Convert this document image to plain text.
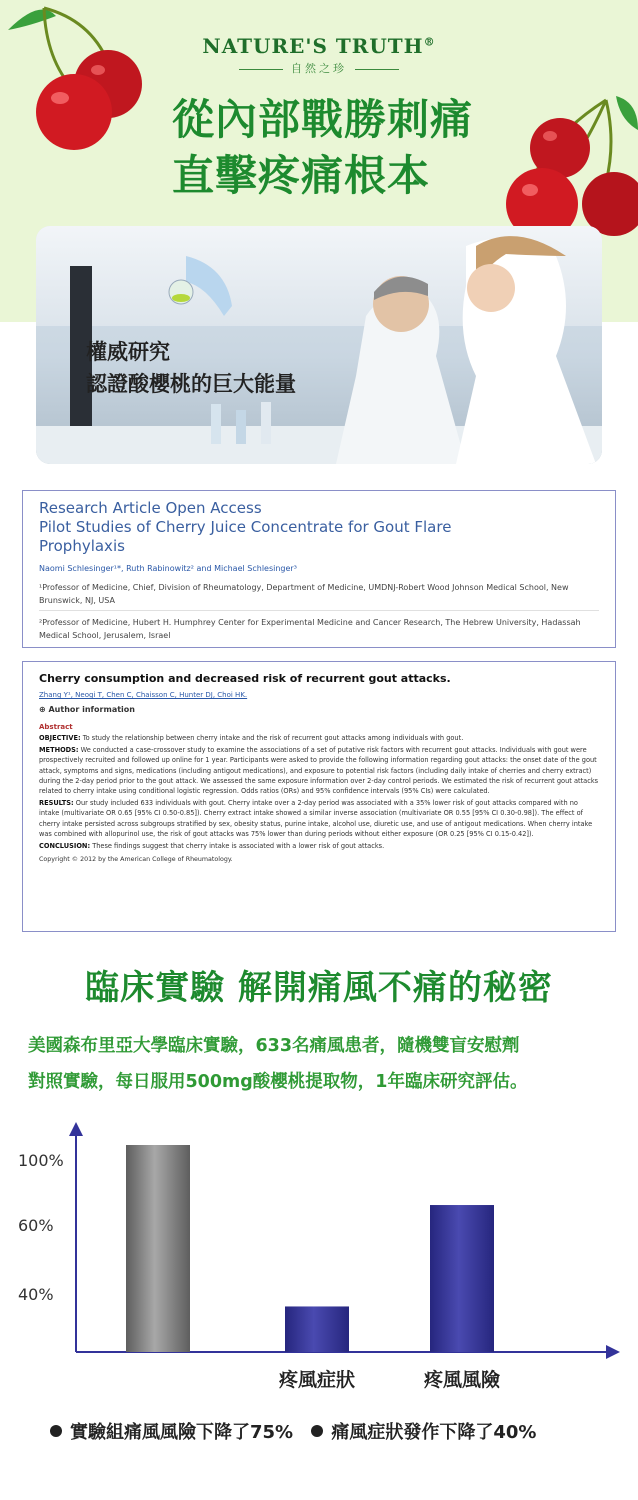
NATURE'S TRUTH®
自然之珍
從內部戰勝刺痛
直擊疼痛根本
權威研究
認證酸櫻桃的巨大能量
Research Article Open Access
Pilot Studies of Cherry Juice Concentrate for Gout Flare
Prophylaxis
Naomi Schlesinger¹*, Ruth Rabinowitz² and Michael Schlesinger³
¹Professor of Medicine, Chief, Division of Rheumatology, Department of Medicine, UMDNJ-Robert Wood Johnson Medical School, New Brunswick, NJ, USA
²Professor of Medicine, Hubert H. Humphrey Center for Experimental Medicine and Cancer Research, The Hebrew University, Hadassah Medical School, Jerusalem, Israel
Cherry consumption and decreased risk of recurrent gout attacks.
Zhang Y¹, Neogi T, Chen C, Chaisson C, Hunter DJ, Choi HK.
⊕ Author information
Abstract
OBJECTIVE: To study the relationship between cherry intake and the risk of recurrent gout attacks among individuals with gout.
METHODS: We conducted a case-crossover study to examine the associations of a set of putative risk factors with recurrent gout attacks. Individuals with gout were prospectively recruited and followed up online for 1 year. Participants were asked to provide the following information regarding gout attacks: the onset date of the gout attack, symptoms and signs, medications (including antigout medications), and exposure to potential risk factors (including daily intake of cherries and cherry extract) during the 2-day period prior to the gout attack. We assessed the same exposure information over 2-day control periods. We estimated the risk of recurrent gout attacks related to cherry intake using conditional logistic regression. Odds ratios (ORs) and 95% confidence intervals (95% CIs) were calculated.
RESULTS: Our study included 633 individuals with gout. Cherry intake over a 2-day period was associated with a 35% lower risk of gout attacks compared with no intake (multivariate OR 0.65 [95% CI 0.50-0.85]). Cherry extract intake showed a similar inverse association (multivariate OR 0.55 [95% CI 0.30-0.98]). The effect of cherry intake persisted across subgroups stratified by sex, obesity status, purine intake, alcohol use, diuretic use, and use of antigout medications. When cherry intake was combined with allopurinol use, the risk of gout attacks was 75% lower than during periods without either exposure (OR 0.25 [95% CI 0.15-0.42]).
CONCLUSION: These findings suggest that cherry intake is associated with a lower risk of gout attacks.
Copyright © 2012 by the American College of Rheumatology.
臨床實驗 解開痛風不痛的秘密
美國森布里亞大學臨床實驗，633名痛風患者，隨機雙盲安慰劑
對照實驗，每日服用500mg酸櫻桃提取物，1年臨床研究評估。
100%
60%
40%
疼風症狀	疼風風險
實驗組痛風風險下降了75% 痛風症狀發作下降了40%
